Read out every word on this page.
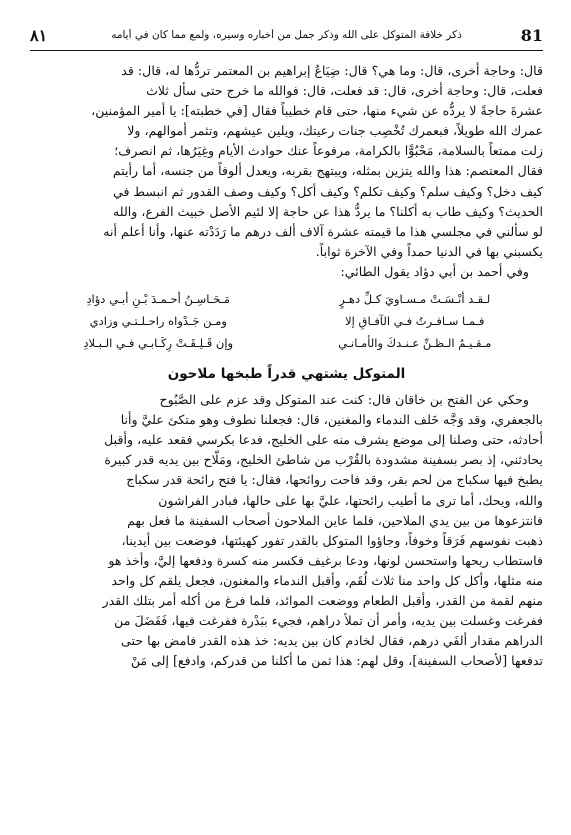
81
ذكر خلافة المتوكل على الله وذكر جمل من أخباره وسيره، ولمع مما كان في أيامه
٨١

قال: وحاجة أخرى، قال: وما هي؟ قال: ضِيَاعُ إبراهيم بن المعتمر تردُّها له، قال: قد

فعلت، قال: وحاجة أخرى، قال: قد فعلت، قال: فوالله ما خرج حتى سأل ثلاث

عشرةَ حاجةً لا يردُّه عن شيء منها، حتى قام خطيباً فقال [في خطبته]: يا أمير المؤمنين،

عمرك الله طويلاً، فبعمرك تُخْصِب جنات رعيتك، ويلين عيشهم، وتثمر أموالهم، ولا

زلت ممتعاً بالسلامة، مَحْبُوًّا بالكرامة، مرفوعاً عنك حوادث الأيام وغِيَرُها، ثم انصرف؛

فقال المعتصم: هذا والله يتزين بمثله، ويبتهج بقربه، ويعدل ألوفاً من جنسه، أما رأيتم

كيف دخل؟ وكيف سلم؟ وكيف تكلم؟ وكيف أكل؟ وكيف وصف القدور ثم انبسط في

الحديث؟ وكيف طاب به أكلنا؟ ما يردُّ هذا عن حاجة إلا لئيم الأصل خبيث الفرع، والله

لو سألني في مجلسي هذا ما قيمته عشرة آلاف ألف درهم ما رَدَدْته عنها، وأنا أعلم أنه

يكسبني بها في الدنيا حمداً وفي الآخرة ثواباً.

وفي أحمد بن أبي دؤاد يقول الطائي:
لـقـد أنْـسَـتْ مـسـاويَ كـلِّ دهـرٍ	مَـحَـاسِـنُ أحـمـدَ بْـنِ أبـي دؤادِ
فـمـا سـافـرتُ فـي الآفـاقِ إلا	ومـن جَـدْواه راحـلـتـي وزادي
مـقـيـمُ الـظـنِّ عـنـدكَ والأمـانـي	وإن قَـلِـقَـتْ رِكَـابـي فـي الـبـلادِ
المتوكل يشتهي قدراً طبخها ملاحون

وحكي عن الفتح بن خاقان قال: كنت عند المتوكل وقد عزم على الصَّبُوح

بالجعفري، وقد وَجَّه خَلف الندماء والمغنين، قال: فجعلنا نطوف وهو متكئ عليَّ وأنا

أحادثه، حتى وصلنا إلى موضع يشرف منه على الخليج، فدعا بكرسي فقعد عليه، وأقبل

يحادثني، إذ بصر بسفينة مشدودة بالقُرْب من شاطئ الخليج، ومَلّاح بين يديه قدر كبيرة

يطبخ فيها سكباج من لحم بقر، وقد فاحت روائحها، فقال: يا فتح رائحة قدر سكباج

والله، ويحك، أما ترى ما أطيب رائحتها، عليَّ بها على حالها، فبادر الفراشون

فانتزعوها من بين يدي الملاحين، فلما عاين الملاحون أصحاب السفينة ما فعل بهم

ذهبت نفوسهم فَرَقاً وخوفاً، وجاؤوا المتوكل بالقدر تفور كهيئتها، فوضعت بين أيدينا،

فاستطاب ريحها واستحسن لونها، ودعا برغيف فكسر منه كسرة ودفعها إليَّ، وأخذ هو

منه مثلها، وأكل كل واحد منا ثلاث لُقَم، وأقبل الندماء والمغنون، فجعل يلقم كل واحد

منهم لقمة من القدر، وأقبل الطعام ووضعت الموائد، فلما فرغ من أكله أمر بتلك القدر

ففرغت وغسلت بين يديه، وأمر أن تملأ دراهم، فجيء ببَدْرة ففرغت فيها، فَفَضَلَ من

الدراهم مقدار ألفَي درهم، فقال لخادم كان بين يديه: خذ هذه القدر فامض بها حتى

تدفعها [لأصحاب السفينة]، وقل لهم: هذا ثمن ما أكلنا من قدركم، وادفع] إلى مَنْ
